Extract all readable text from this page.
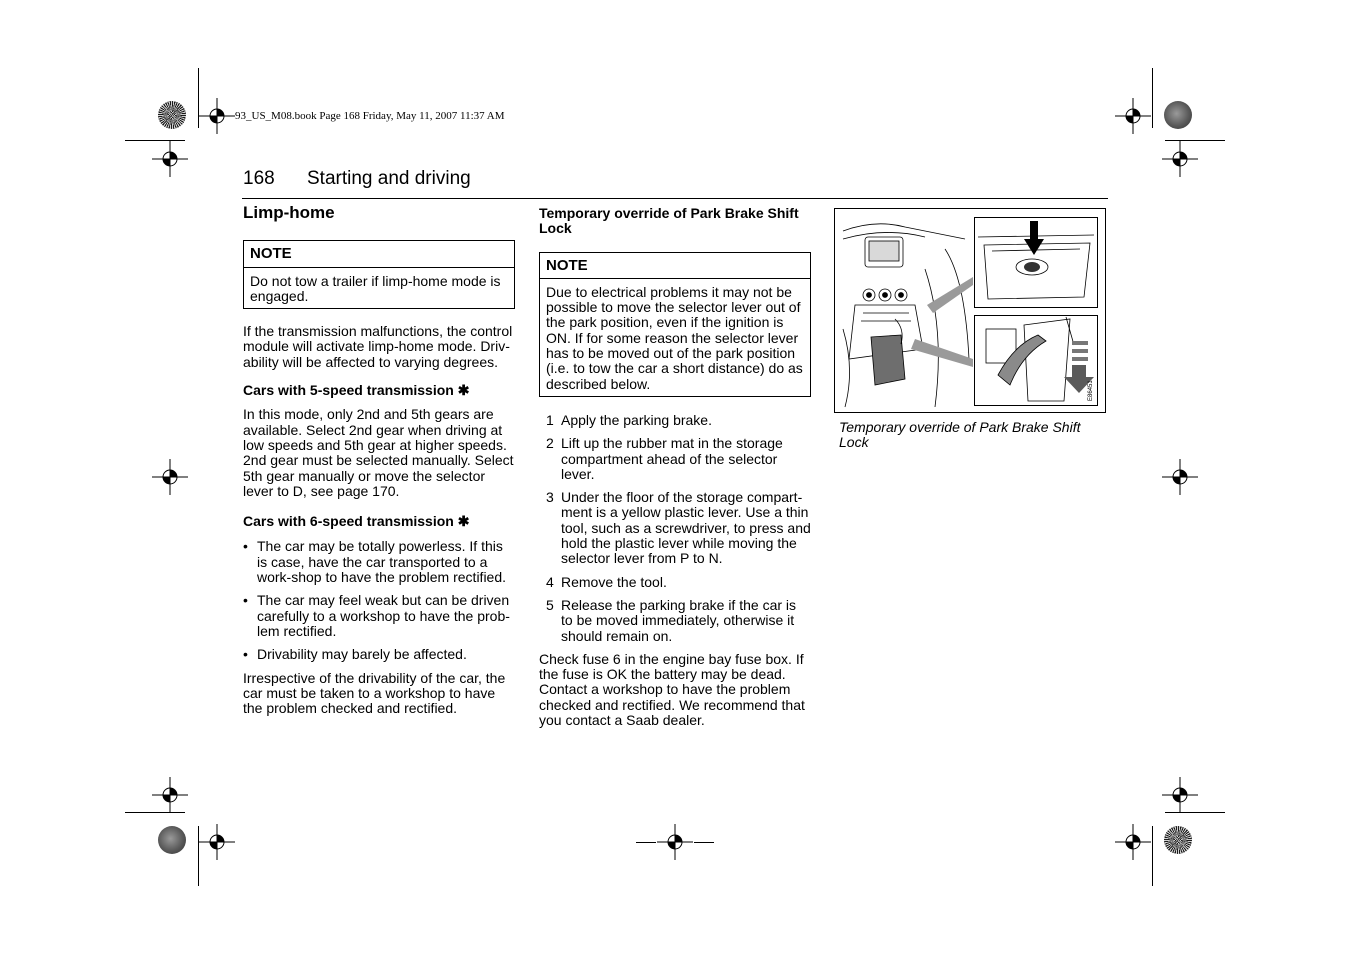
93_US_M08.book Page 168 Friday, May 11, 2007 11:37 AM
168 Starting and driving

Limp-home

NOTE
Do not tow a trailer if limp-home mode is engaged.

If the transmission malfunctions, the control module will activate limp-home mode. Driv-ability will be affected to varying degrees.

Cars with 5-speed transmission ✱

In this mode, only 2nd and 5th gears are available. Select 2nd gear when driving at low speeds and 5th gear at higher speeds. 2nd gear must be selected manually. Select 5th gear manually or move the selector lever to D, see page 170.

Cars with 6-speed transmission ✱

• The car may be totally powerless. If this is case, have the car transported to a work-shop to have the problem rectified.
• The car may feel weak but can be driven carefully to a workshop to have the prob-lem rectified.
• Drivability may barely be affected.

Irrespective of the drivability of the car, the car must be taken to a workshop to have the problem checked and rectified.

Temporary override of Park Brake Shift Lock

NOTE
Due to electrical problems it may not be possible to move the selector lever out of the park position, even if the ignition is ON. If for some reason the selector lever has to be moved out of the park position (i.e. to tow the car a short distance) do as described below.
1 Apply the parking brake.
2 Lift up the rubber mat in the storage compartment ahead of the selector lever.
3 Under the floor of the storage compart-ment is a yellow plastic lever. Use a thin tool, such as a screwdriver, to press and hold the plastic lever while moving the selector lever from P to N.
4 Remove the tool.
5 Release the parking brake if the car is to be moved immediately, otherwise it should remain on.

Check fuse 6 in the engine bay fuse box. If the fuse is OK the battery may be dead. Contact a workshop to have the problem checked and rectified. We recommend that you contact a Saab dealer.

E86451
Temporary override of Park Brake Shift Lock
